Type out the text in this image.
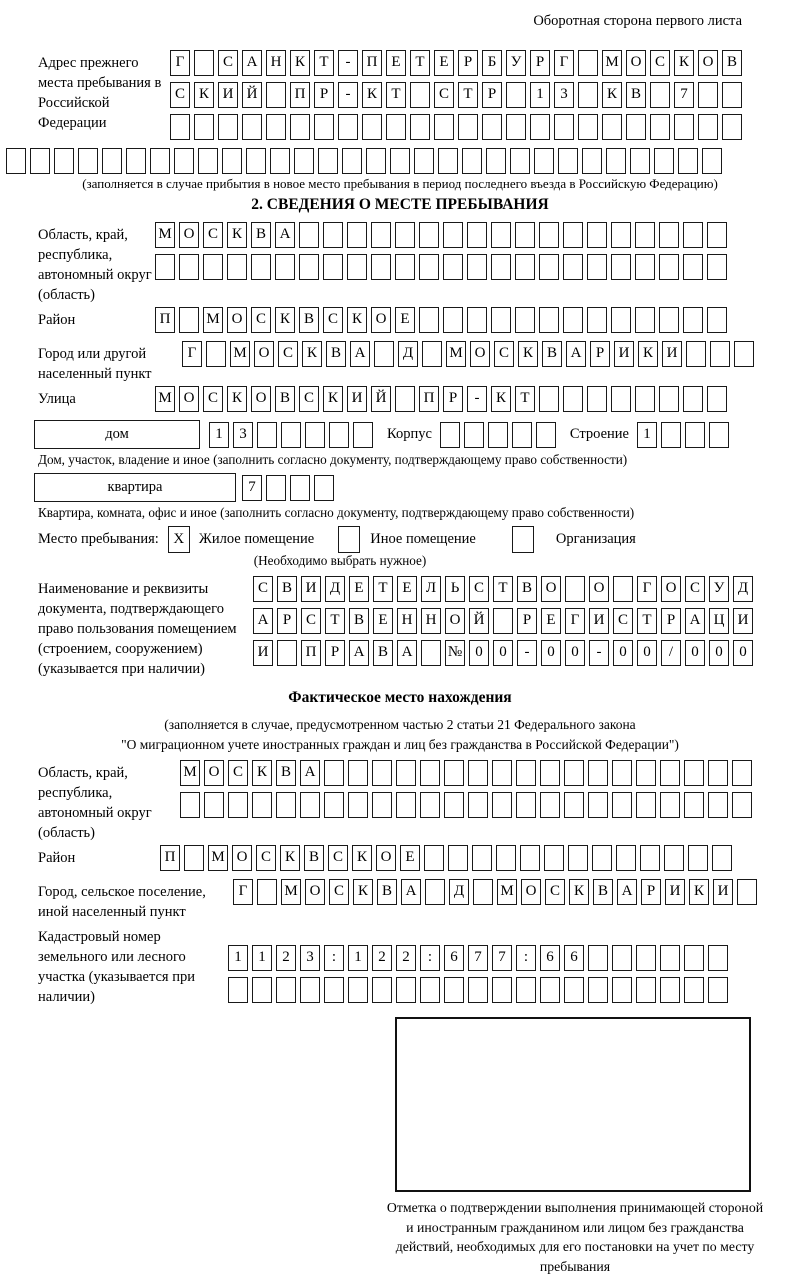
Оборотная сторона первого листа
Адрес прежнего места пребывания в Российской Федерации
Г	С А Н К Т - П Е Т Е Р Б У Р Г М О С К О В
С К И Й П Р - К Т	С Т Р	1 3	К В	7
(заполняется в случае прибытия в новое место пребывания в период последнего въезда в Российскую Федерацию)
2. СВЕДЕНИЯ О МЕСТЕ ПРЕБЫВАНИЯ
Область, край, республика, автономный округ (область)
М О С К В А
Район	П М О С К В С К О Е
Город или другой населенный пункт
Г М О С К В А Д М О С К В А Р И К И
Улица	М О С К О В С К И Й П Р - К Т
дом	1 3	Корпус	Строение 1
Дом, участок, владение и иное (заполнить согласно документу, подтверждающему право собственности)
квартира	7
Квартира, комната, офис и иное (заполнить согласно документу, подтверждающему право собственности)
Место пребывания: X	Жилое помещение	Иное помещение	Организация
(Необходимо выбрать нужное)
Наименование и реквизиты документа, подтверждающего право пользования помещением (строением, сооружением) (указывается при наличии)
С В И Д Е Т Е Л Ь С Т В О О	Г О С У Д
А Р С Т В Е Н Н О Й	Р Е Г И С Т Р А Ц И
И П Р А В А № 0 0 - 0 0 - 0 0 / 0 0 0
Фактическое место нахождения
(заполняется в случае, предусмотренном частью 2 статьи 21 Федерального закона
"О миграционном учете иностранных граждан и лиц без гражданства в Российской Федерации")
Область, край, республика, автономный округ (область)
М О С К В А
Район	П М О С К В С К О Е
Город, сельское поселение, иной населенный пункт
Г М О С К В А Д М О С К В А Р И К И
Кадастровый номер земельного или лесного участка (указывается при наличии)
1 1 2 3 : 1 2 2 : 6 7 7 : 6 6
Отметка о подтверждении выполнения принимающей стороной и иностранным гражданином или лицом без гражданства действий, необходимых для его постановки на учет по месту пребывания
